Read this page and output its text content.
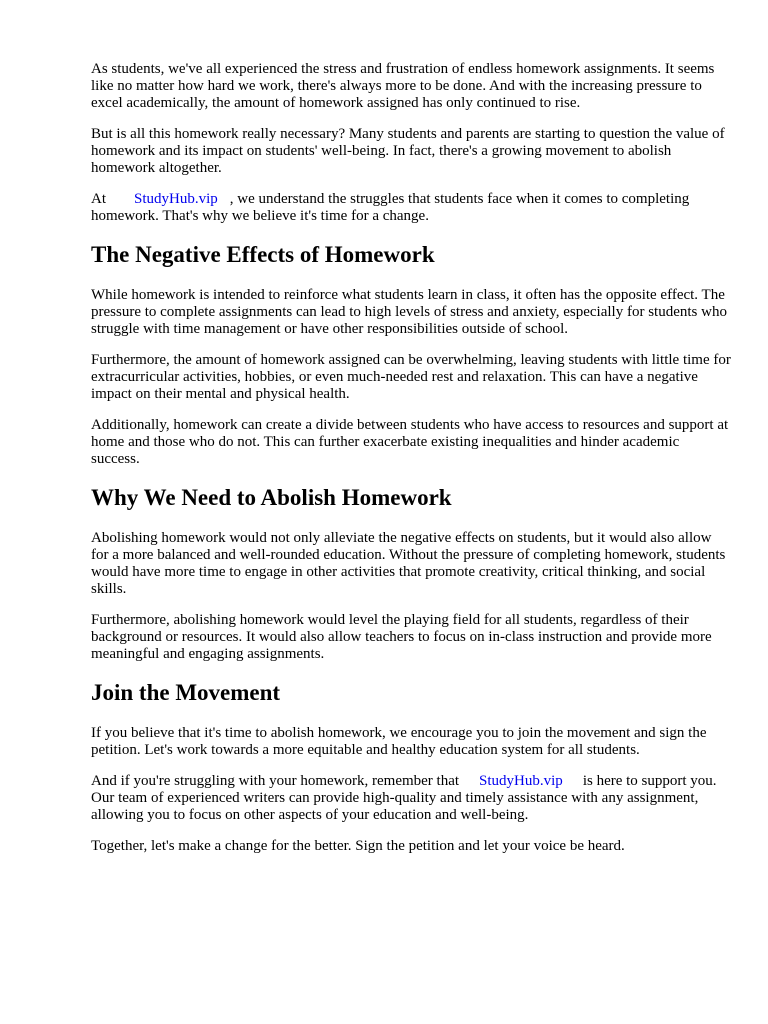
As students, we've all experienced the stress and frustration of endless homework assignments. It seems like no matter how hard we work, there's always more to be done. And with the increasing pressure to excel academically, the amount of homework assigned has only continued to rise.

But is all this homework really necessary? Many students and parents are starting to question the value of homework and its impact on students' well-being. In fact, there's a growing movement to abolish homework altogether.

At StudyHub.vip , we understand the struggles that students face when it comes to completing homework. That's why we believe it's time for a change.

The Negative Effects of Homework

While homework is intended to reinforce what students learn in class, it often has the opposite effect. The pressure to complete assignments can lead to high levels of stress and anxiety, especially for students who struggle with time management or have other responsibilities outside of school.

Furthermore, the amount of homework assigned can be overwhelming, leaving students with little time for extracurricular activities, hobbies, or even much-needed rest and relaxation. This can have a negative impact on their mental and physical health.

Additionally, homework can create a divide between students who have access to resources and support at home and those who do not. This can further exacerbate existing inequalities and hinder academic success.

Why We Need to Abolish Homework

Abolishing homework would not only alleviate the negative effects on students, but it would also allow for a more balanced and well-rounded education. Without the pressure of completing homework, students would have more time to engage in other activities that promote creativity, critical thinking, and social skills.

Furthermore, abolishing homework would level the playing field for all students, regardless of their background or resources. It would also allow teachers to focus on in-class instruction and provide more meaningful and engaging assignments.

Join the Movement

If you believe that it's time to abolish homework, we encourage you to join the movement and sign the petition. Let's work towards a more equitable and healthy education system for all students.

And if you're struggling with your homework, remember that StudyHub.vip is here to support you. Our team of experienced writers can provide high-quality and timely assistance with any assignment, allowing you to focus on other aspects of your education and well-being.

Together, let's make a change for the better. Sign the petition and let your voice be heard.
